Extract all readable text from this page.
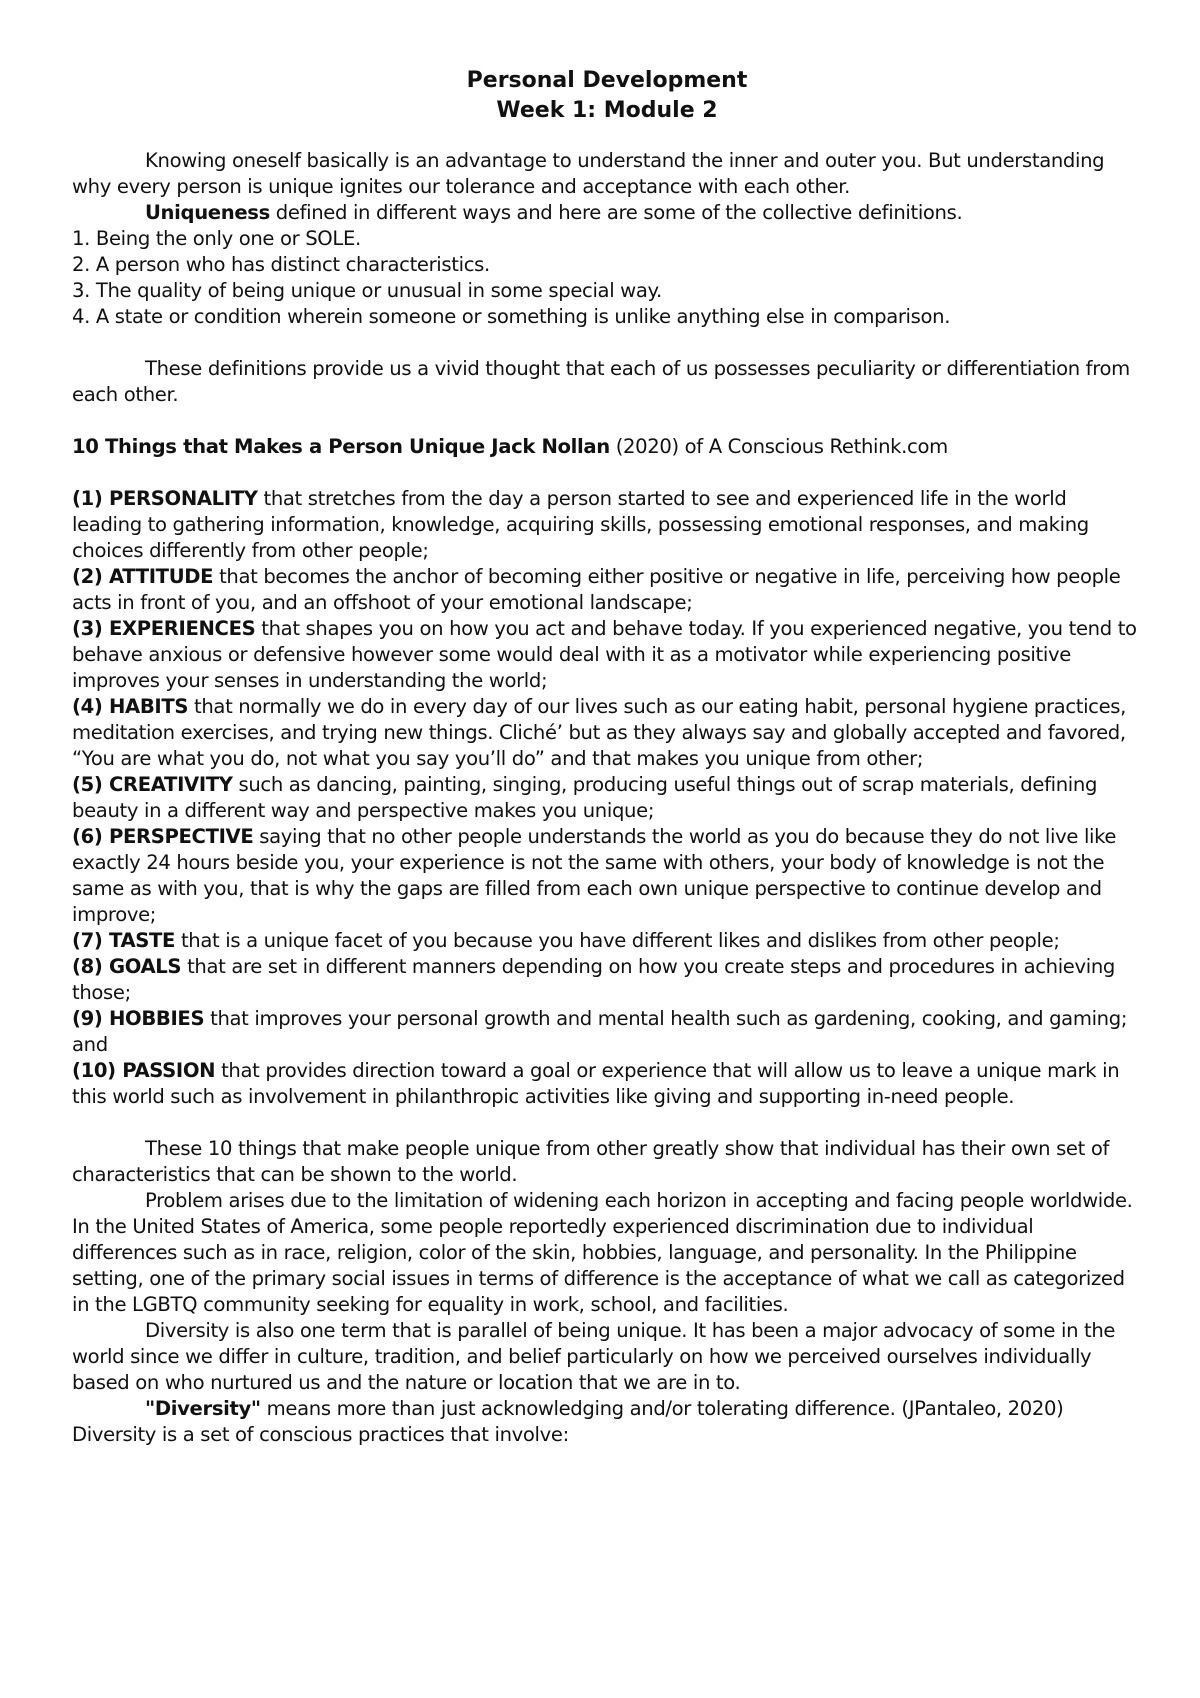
Personal Development
Week 1: Module 2

Knowing oneself basically is an advantage to understand the inner and outer you. But understanding why every person is unique ignites our tolerance and acceptance with each other.

Uniqueness defined in different ways and here are some of the collective definitions.

1. Being the only one or SOLE.

2. A person who has distinct characteristics.

3. The quality of being unique or unusual in some special way.

4. A state or condition wherein someone or something is unlike anything else in comparison.

These definitions provide us a vivid thought that each of us possesses peculiarity or differentiation from each other.

10 Things that Makes a Person Unique Jack Nollan (2020) of A Conscious Rethink.com

(1) PERSONALITY that stretches from the day a person started to see and experienced life in the world leading to gathering information, knowledge, acquiring skills, possessing emotional responses, and making choices differently from other people;

(2) ATTITUDE that becomes the anchor of becoming either positive or negative in life, perceiving how people acts in front of you, and an offshoot of your emotional landscape;

(3) EXPERIENCES that shapes you on how you act and behave today. If you experienced negative, you tend to behave anxious or defensive however some would deal with it as a motivator while experiencing positive improves your senses in understanding the world;

(4) HABITS that normally we do in every day of our lives such as our eating habit, personal hygiene practices, meditation exercises, and trying new things. Cliché’ but as they always say and globally accepted and favored, “You are what you do, not what you say you’ll do” and that makes you unique from other;

(5) CREATIVITY such as dancing, painting, singing, producing useful things out of scrap materials, defining beauty in a different way and perspective makes you unique;

(6) PERSPECTIVE saying that no other people understands the world as you do because they do not live like exactly 24 hours beside you, your experience is not the same with others, your body of knowledge is not the same as with you, that is why the gaps are filled from each own unique perspective to continue develop and improve;

(7) TASTE that is a unique facet of you because you have different likes and dislikes from other people;

(8) GOALS that are set in different manners depending on how you create steps and procedures in achieving those;

(9) HOBBIES that improves your personal growth and mental health such as gardening, cooking, and gaming; and

(10) PASSION that provides direction toward a goal or experience that will allow us to leave a unique mark in this world such as involvement in philanthropic activities like giving and supporting in-need people.

These 10 things that make people unique from other greatly show that individual has their own set of characteristics that can be shown to the world.

Problem arises due to the limitation of widening each horizon in accepting and facing people worldwide. In the United States of America, some people reportedly experienced discrimination due to individual differences such as in race, religion, color of the skin, hobbies, language, and personality. In the Philippine setting, one of the primary social issues in terms of difference is the acceptance of what we call as categorized in the LGBTQ community seeking for equality in work, school, and facilities.

Diversity is also one term that is parallel of being unique. It has been a major advocacy of some in the world since we differ in culture, tradition, and belief particularly on how we perceived ourselves individually based on who nurtured us and the nature or location that we are in to.

"Diversity" means more than just acknowledging and/or tolerating difference. (JPantaleo, 2020) Diversity is a set of conscious practices that involve:
